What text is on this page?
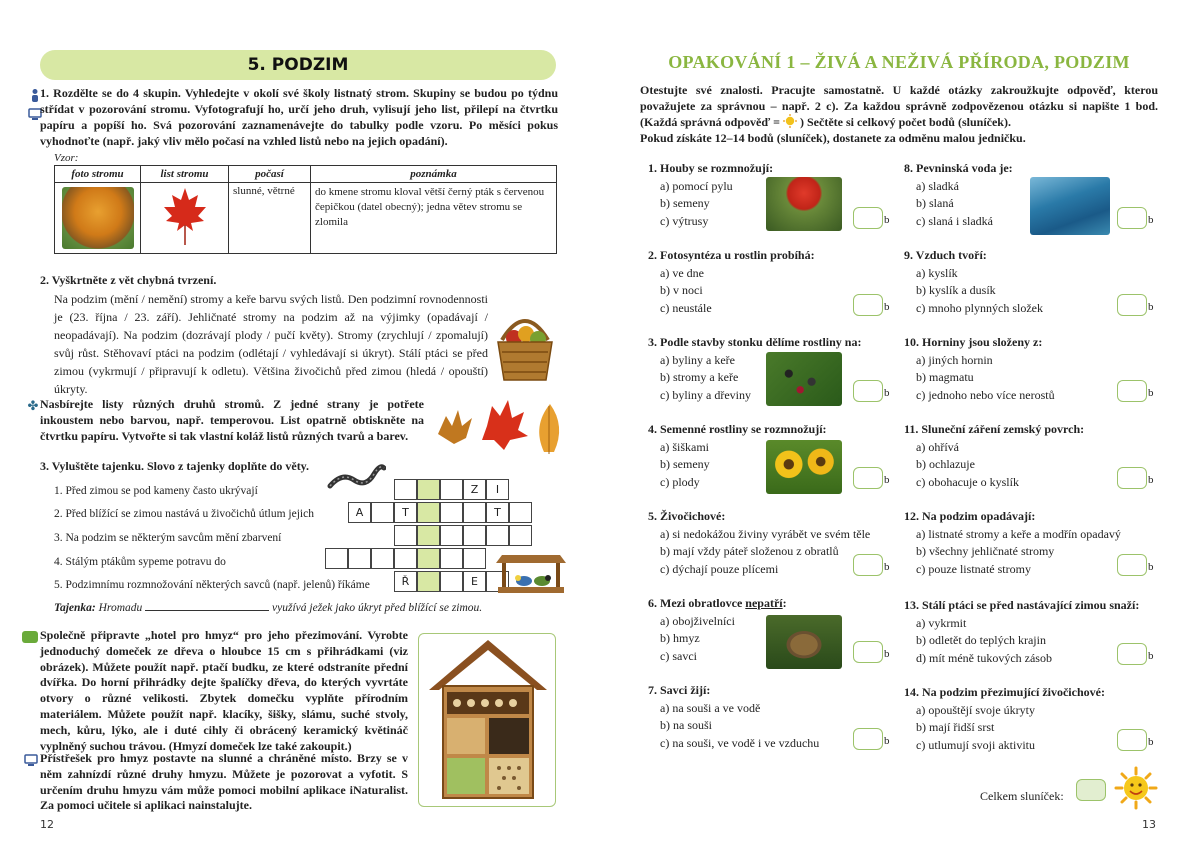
5. PODZIM
1. Rozdělte se do 4 skupin. Vyhledejte v okolí své školy listnatý strom. Skupiny se budou po týdnu střídat v pozorování stromu. Vyfotografují ho, určí jeho druh, vylisují jeho list, přilepí na čtvrtku papíru a popíší ho. Svá pozorování zaznamenávejte do tabulky podle vzoru. Po měsíci pokus vyhodnoťte (např. jaký vliv mělo počasí na vzhled listů nebo na jejich opadání).
Vzor:
foto stromu	list stromu	počasí	poznámka

		slunné, větrné	do kmene stromu kloval větší černý pták s červenou čepičkou (datel obecný); jedna větev stromu se zlomila
2. Vyškrtněte z vět chybná tvrzení.
Na podzim (mění / nemění) stromy a keře barvu svých listů. Den podzimní rovnodennosti je (23. října / 23. září). Jehličnaté stromy na podzim až na výjimky (opadávají / neopadávají). Na podzim (dozrávají plody / pučí květy). Stromy (zrychlují / zpomalují) svůj růst. Stěhovaví ptáci na podzim (odlétají / vyhledávají si úkryt). Stálí ptáci se před zimou (vykrmují / připravují k odletu). Většina živočichů před zimou (hledá / opouští) úkryty.
✤ Nasbírejte listy různých druhů stromů. Z jedné strany je potřete inkoustem nebo barvou, např. temperovou. List opatrně obtiskněte na čtvrtku papíru. Vytvořte si tak vlastní koláž listů různých tvarů a barev.
3. Vyluštěte tajenku. Slovo z tajenky doplňte do věty.
1. Před zimou se pod kameny často ukrývají
2. Před blížící se zimou nastává u živočichů útlum jejich
3. Na podzim se některým savcům mění zbarvení
4. Stálým ptákům sypeme potravu do
5. Podzimnímu rozmnožování některých savců (např. jelenů) říkáme
Z	I
A	T	T
Ř	E
Tajenka: Hromadu	využívá ježek jako úkryt před blížící se zimou.
Společně připravte „hotel pro hmyz“ pro jeho přezimování. Vyrobte jednoduchý domeček ze dřeva o hloubce 15 cm s přihrádkami (viz obrázek). Můžete použít např. ptačí budku, ze které odstraníte přední dvířka. Do horní přihrádky dejte špalíčky dřeva, do kterých vyvrtáte otvory o různé velikosti. Zbytek domečku vyplňte přírodním materiálem. Můžete použít např. klacíky, šišky, slámu, suché stvoly, mech, kůru, lýko, ale i duté cihly či obrácený keramický květináč vyplněný suchou trávou. (Hmyzí domeček lze také zakoupit.)
Přístřešek pro hmyz postavte na slunné a chráněné místo. Brzy se v něm zahnízdí různé druhy hmyzu. Můžete je pozorovat a vyfotit. S určením druhu hmyzu vám může pomoci mobilní aplikace iNaturalist. Za pomoci učitele si aplikaci nainstalujte.
12
OPAKOVÁNÍ 1 – ŽIVÁ A NEŽIVÁ PŘÍRODA, PODZIM
Otestujte své znalosti. Pracujte samostatně. U každé otázky zakroužkujte odpověď, kterou považujete za správnou – např. 2 c). Za každou správně zodpovězenou otázku si napište 1 bod. (Každá správná odpověď = ) Sečtěte si celkový počet bodů (sluníček).
Pokud získáte 12–14 bodů (sluníček), dostanete za odměnu malou jedničku.
1. Houby se rozmnožují:
a) pomocí pylu
b) semeny
c) výtrusy	b
2. Fotosyntéza u rostlin probíhá:
a) ve dne
b) v noci
c) neustále	b
3. Podle stavby stonku dělíme rostliny na:
a) byliny a keře
b) stromy a keře
c) byliny a dřeviny	b
4. Semenné rostliny se rozmnožují:
a) šiškami
b) semeny
c) plody	b
5. Živočichové:
a) si nedokážou živiny vyrábět ve svém těle
b) mají vždy páteř složenou z obratlů
c) dýchají pouze plícemi	b
6. Mezi obratlovce nepatří:
a) obojživelníci
b) hmyz
c) savci	b
7. Savci žijí:
a) na souši a ve vodě
b) na souši
c) na souši, ve vodě i ve vzduchu	b
8. Pevninská voda je:
a) sladká
b) slaná
c) slaná i sladká	b
9. Vzduch tvoří:
a) kyslík
b) kyslík a dusík
c) mnoho plynných složek	b
10. Horniny jsou složeny z:
a) jiných hornin
b) magmatu
c) jednoho nebo více nerostů	b
11. Sluneční záření zemský povrch:
a) ohřívá
b) ochlazuje
c) obohacuje o kyslík	b
12. Na podzim opadávají:
a) listnaté stromy a keře a modřín opadavý
b) všechny jehličnaté stromy
c) pouze listnaté stromy	b
13. Stálí ptáci se před nastávající zimou snaží:
a) vykrmit
b) odletět do teplých krajin
d) mít méně tukových zásob	b
14. Na podzim přezimující živočichové:
a) opouštějí svoje úkryty
b) mají řidší srst
c) utlumují svoji aktivitu	b
Celkem sluníček:
13
